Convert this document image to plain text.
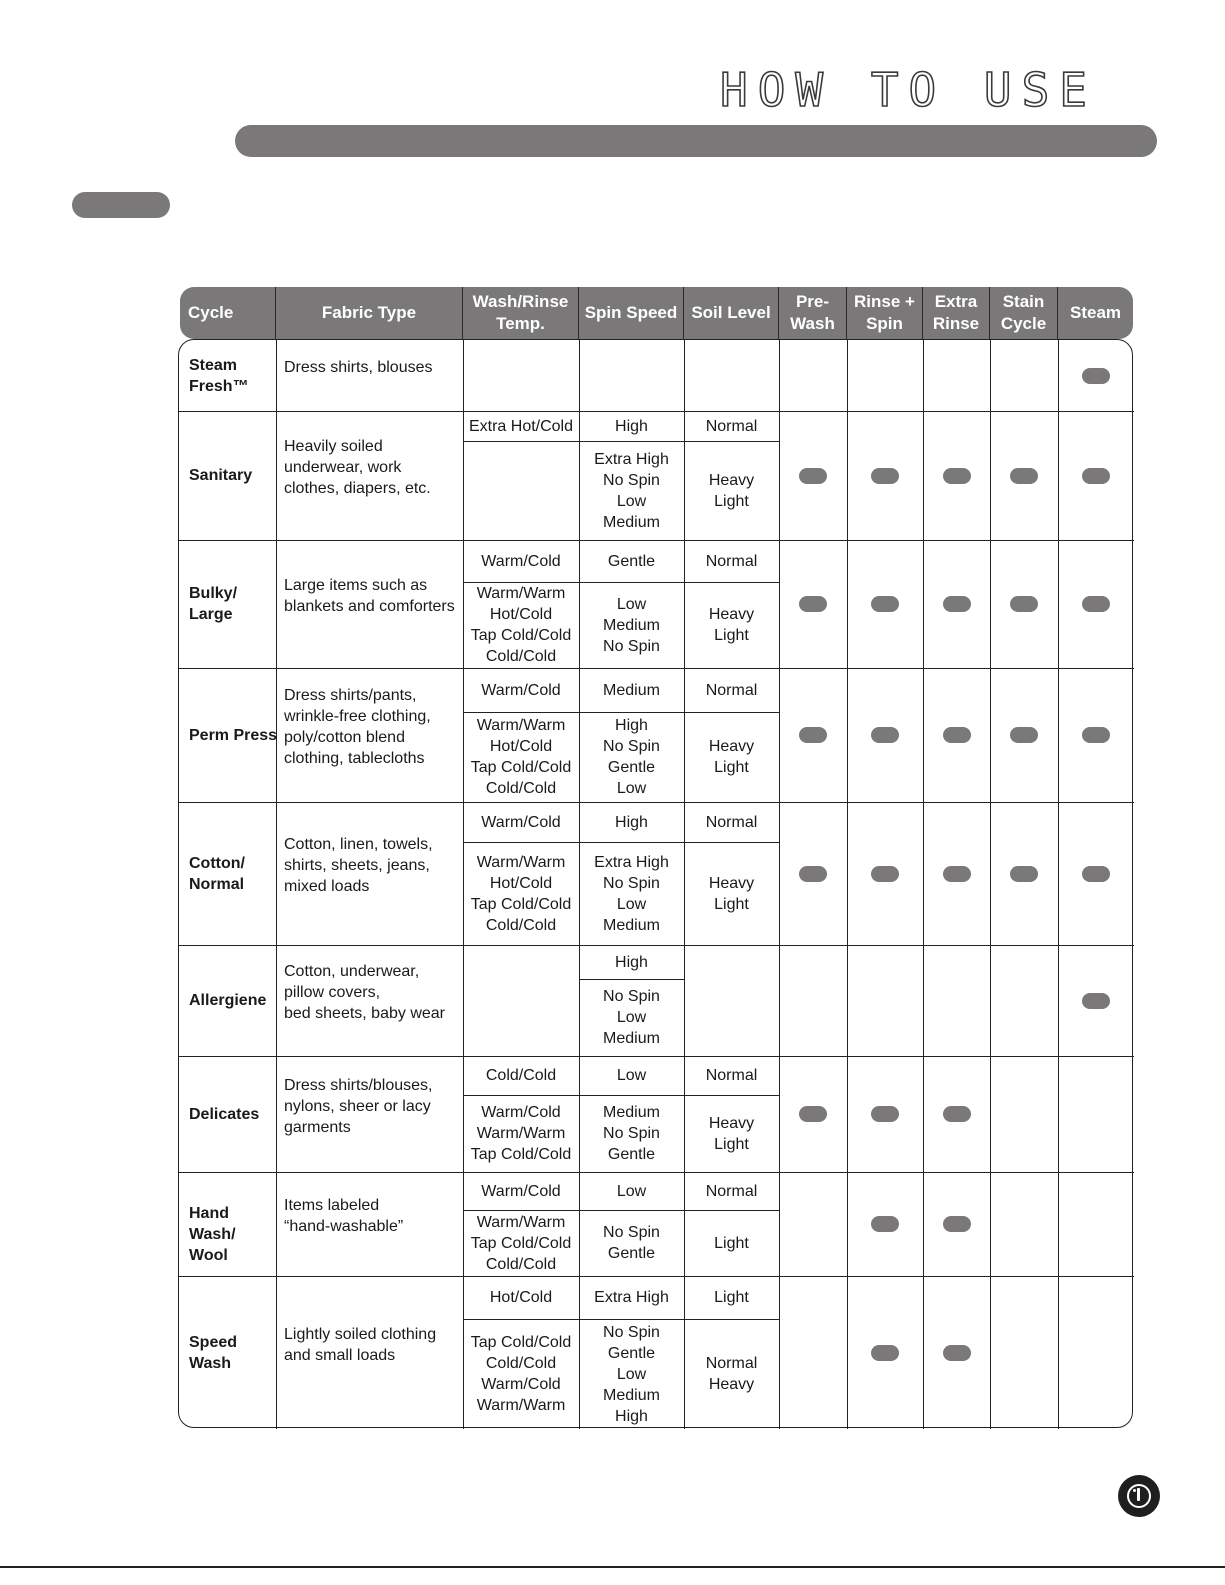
HOW TO USE
Cycle	Fabric Type
Wash/Rinse
Temp.
Spin Speed Soil Level
Pre-
Wash
Rinse +
Spin
Extra
Rinse
Stain
Cycle
Steam
Steam
Fresh™
Dress shirts, blouses
Sanitary
Heavily soiled
underwear, work
clothes, diapers, etc.
Extra Hot/Cold	High
Extra High
No Spin
Low
Medium
Normal
Heavy
Light
Bulky/
Large
Large items such as
blankets and comforters
Warm/Cold
Warm/Warm
Hot/Cold
Tap Cold/Cold
Cold/Cold
Gentle
Low
Medium
No Spin
Normal
Heavy
Light
Perm Press
Dress shirts/pants,
wrinkle-free clothing,
poly/cotton blend
clothing, tablecloths
Warm/Cold
Warm/Warm
Hot/Cold
Tap Cold/Cold
Cold/Cold
Medium
High
No Spin
Gentle
Low
Normal
Heavy
Light
Cotton/
Normal
Cotton, linen, towels,
shirts, sheets, jeans,
mixed loads
Warm/Cold
Warm/Warm
Hot/Cold
Tap Cold/Cold
Cold/Cold
High
Extra High
No Spin
Low
Medium
Normal
Heavy
Light
Allergiene
Cotton, underwear,
pillow covers,
bed sheets, baby wear
High
No Spin
Low
Medium
Delicates
Dress shirts/blouses,
nylons, sheer or lacy
garments
Cold/Cold
Warm/Cold
Warm/Warm
Tap Cold/Cold
Low
Medium
No Spin
Gentle
Normal
Heavy
Light
Hand Wash/
Wool
Items labeled
“hand-washable”
Warm/Cold
Warm/Warm
Tap Cold/Cold
Cold/Cold
Low
No Spin
Gentle
Normal
Light
Speed
Wash
Lightly soiled clothing
and small loads
Hot/Cold
Tap Cold/Cold
Cold/Cold
Warm/Cold
Warm/Warm
Extra High
No Spin
Gentle
Low
Medium
High
Light
Normal
Heavy
